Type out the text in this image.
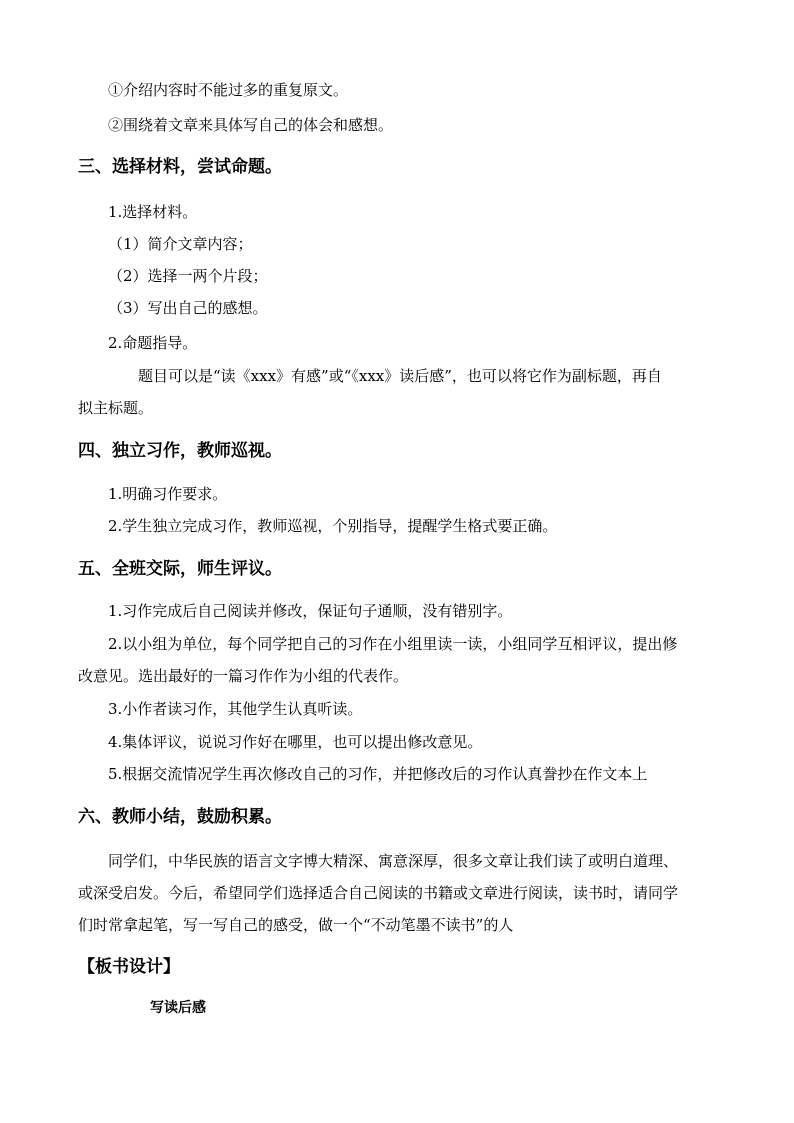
①介绍内容时不能过多的重复原文。
②围绕着文章来具体写自己的体会和感想。
三、选择材料，尝试命题。
1.选择材料。
（1）简介文章内容；
（2）选择一两个片段；
（3）写出自己的感想。
2.命题指导。
题目可以是“读《xxx》有感”或“《xxx》读后感”，也可以将它作为副标题，再自
拟主标题。
四、独立习作，教师巡视。
1.明确习作要求。
2.学生独立完成习作，教师巡视，个别指导，提醒学生格式要正确。
五、全班交际，师生评议。
1.习作完成后自己阅读并修改，保证句子通顺，没有错别字。
2.以小组为单位，每个同学把自己的习作在小组里读一读，小组同学互相评议，提出修
改意见。选出最好的一篇习作作为小组的代表作。
3.小作者读习作，其他学生认真听读。
4.集体评议，说说习作好在哪里，也可以提出修改意见。
5.根据交流情况学生再次修改自己的习作，并把修改后的习作认真誊抄在作文本上
六、教师小结，鼓励积累。
同学们，中华民族的语言文字博大精深、寓意深厚，很多文章让我们读了或明白道理、
或深受启发。今后，希望同学们选择适合自己阅读的书籍或文章进行阅读，读书时，请同学
们时常拿起笔，写一写自己的感受，做一个“不动笔墨不读书”的人
【板书设计】
写读后感
